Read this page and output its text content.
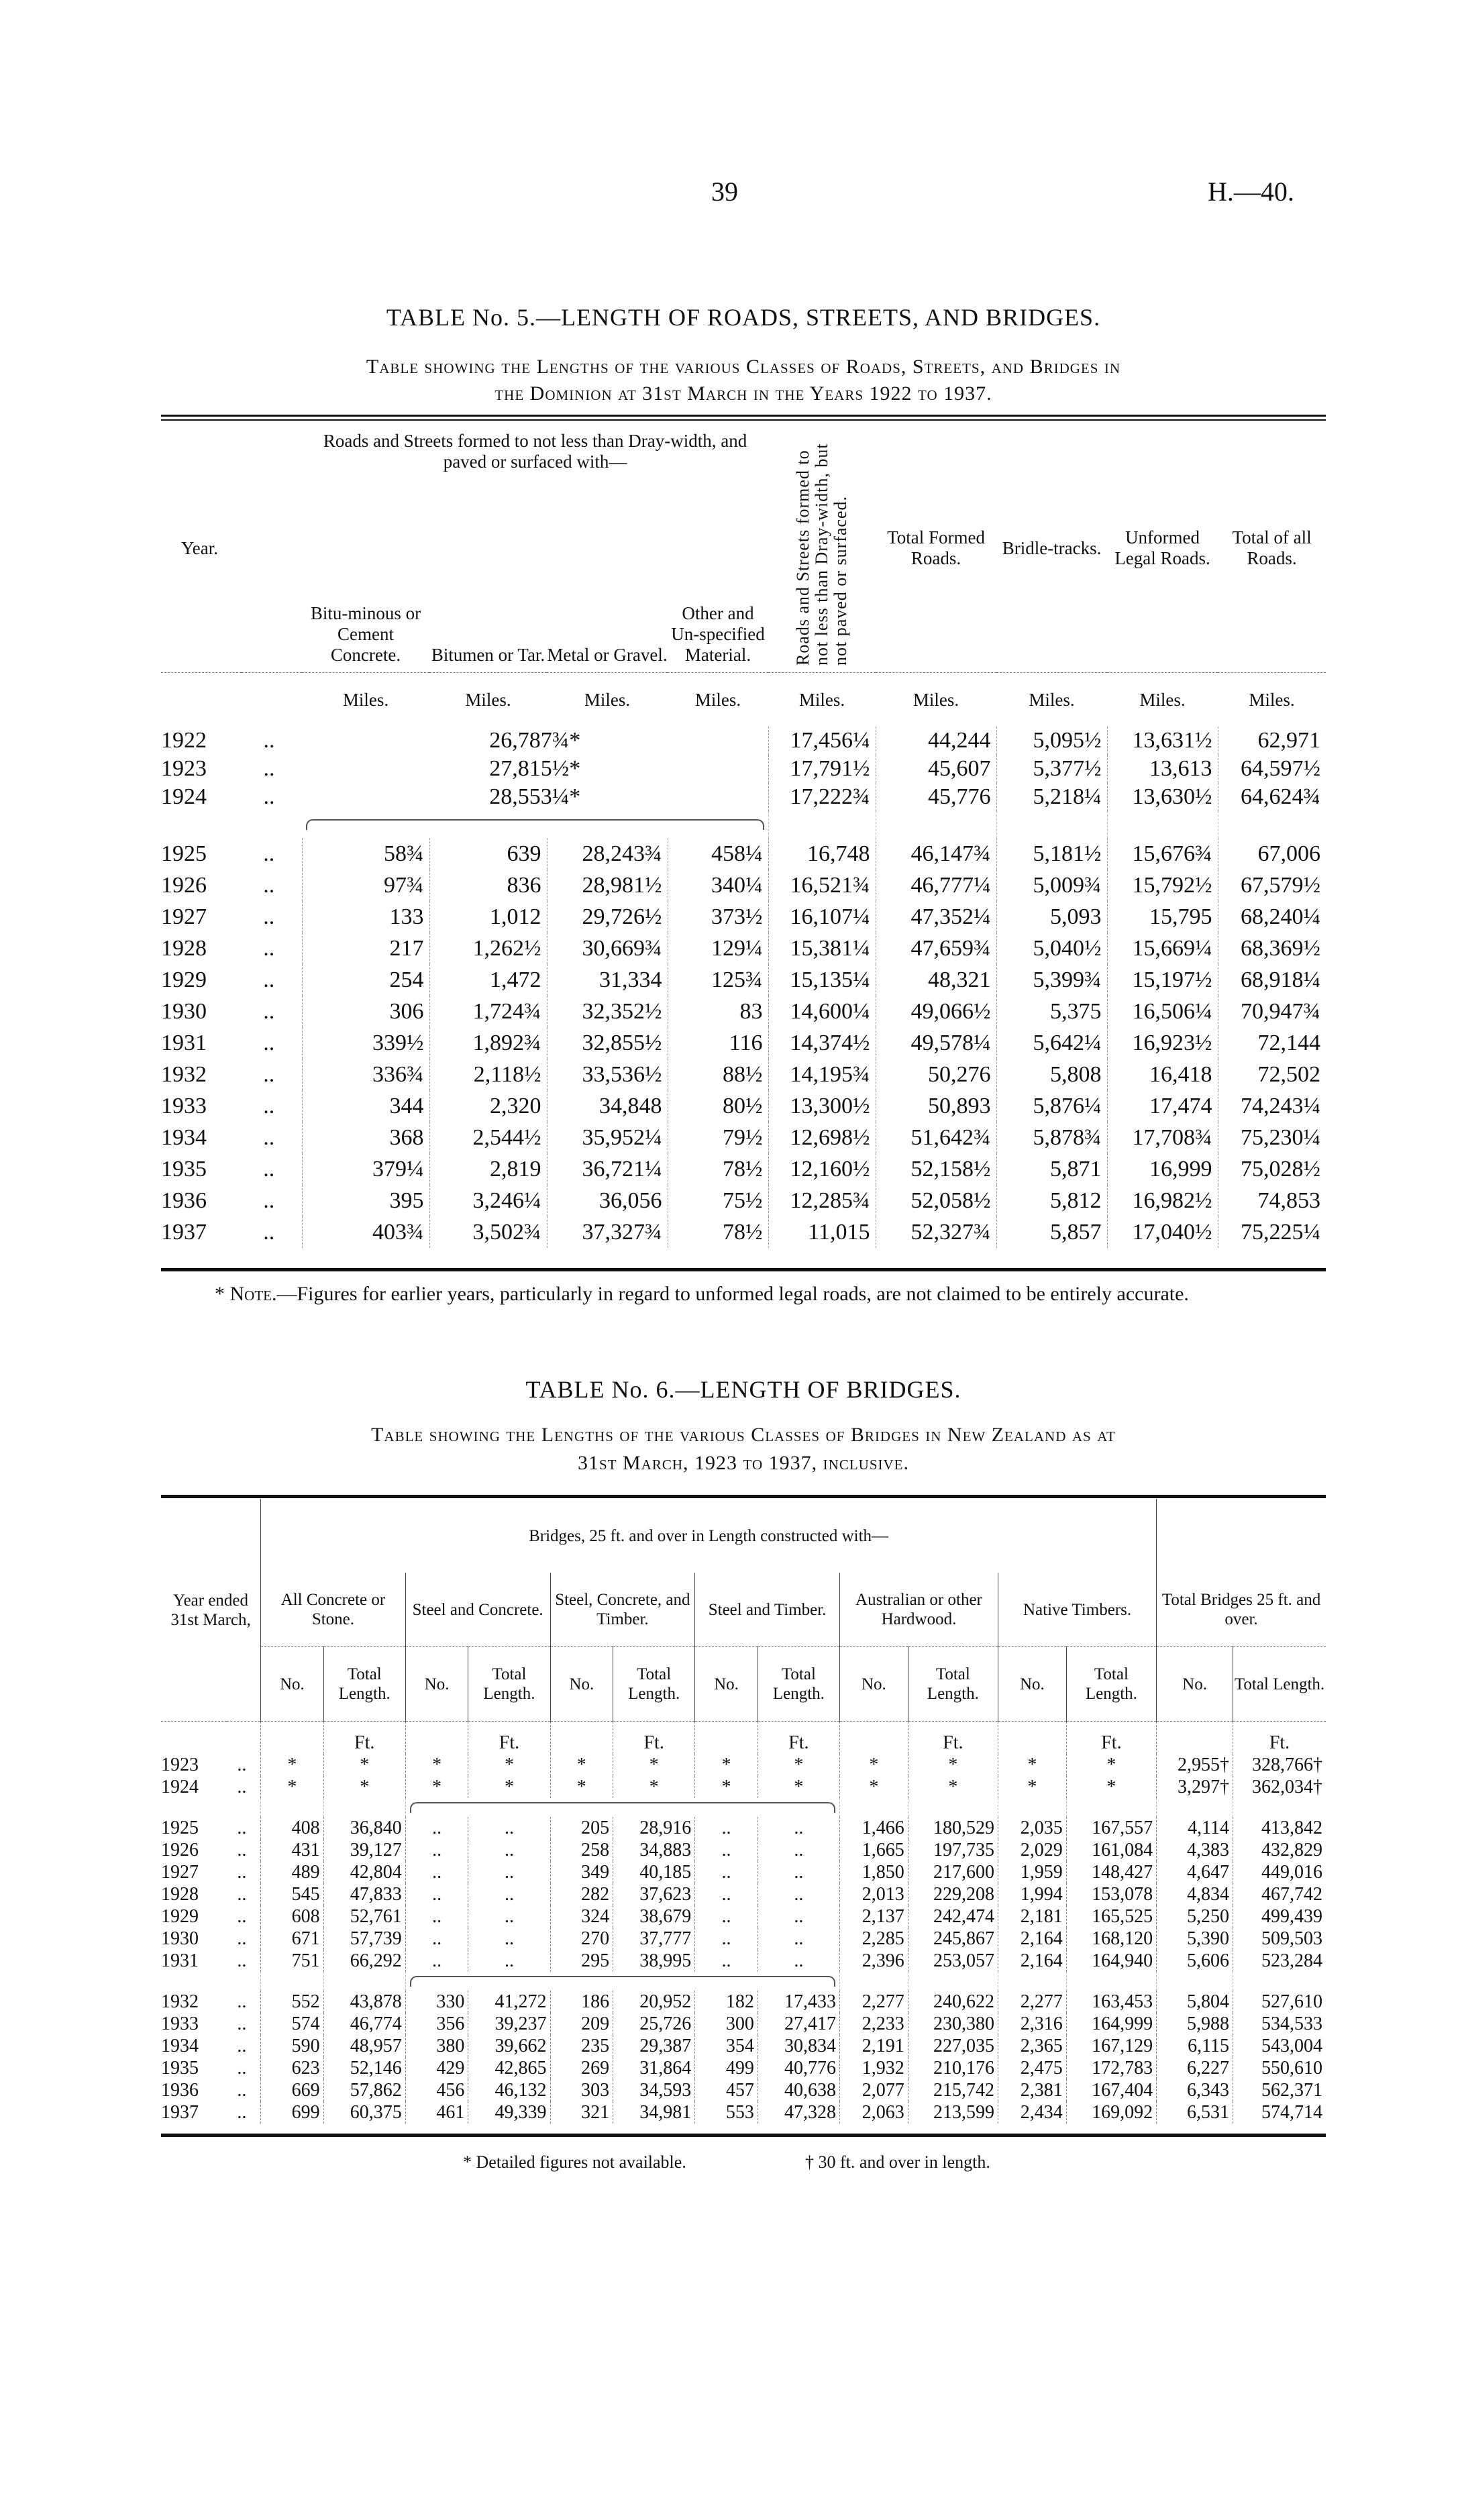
39	H.—40.
TABLE No. 5.—LENGTH OF ROADS, STREETS, AND BRIDGES.
Table showing the Lengths of the various Classes of Roads, Streets, and Bridges in
the Dominion at 31st March in the Years 1922 to 1937.
Year.		Roads and Streets formed to not less than Dray-width, and paved or surfaced with—				Roads and Streets formed to not less than Dray-width, but not paved or surfaced.	Total Formed Roads.	Bridle-tracks.	Unformed Legal Roads.	Total of all Roads.
		Bitu-minous or Cement Concrete.	Bitumen or Tar.	Metal or Gravel.	Other and Un-specified Material.					
		Miles.	Miles.	Miles.	Miles.	Miles.	Miles.	Miles.	Miles.	Miles.
1922	..	26,787¾*				17,456¼	44,244	5,095½	13,631½	62,971
1923	..	27,815½*				17,791½	45,607	5,377½	13,613	64,597½
1924	..	28,553¼*				17,222¾	45,776	5,218¼	13,630½	64,624¾

1925	..	58¾	639	28,243¾	458¼	16,748	46,147¾	5,181½	15,676¾	67,006
1926	..	97¾	836	28,981½	340¼	16,521¾	46,777¼	5,009¾	15,792½	67,579½
1927	..	133	1,012	29,726½	373½	16,107¼	47,352¼	5,093	15,795	68,240¼
1928	..	217	1,262½	30,669¾	129¼	15,381¼	47,659¾	5,040½	15,669¼	68,369½
1929	..	254	1,472	31,334	125¾	15,135¼	48,321	5,399¾	15,197½	68,918¼
1930	..	306	1,724¾	32,352½	83	14,600¼	49,066½	5,375	16,506¼	70,947¾
1931	..	339½	1,892¾	32,855½	116	14,374½	49,578¼	5,642¼	16,923½	72,144
1932	..	336¾	2,118½	33,536½	88½	14,195¾	50,276	5,808	16,418	72,502
1933	..	344	2,320	34,848	80½	13,300½	50,893	5,876¼	17,474	74,243¼
1934	..	368	2,544½	35,952¼	79½	12,698½	51,642¾	5,878¾	17,708¾	75,230¼
1935	..	379¼	2,819	36,721¼	78½	12,160½	52,158½	5,871	16,999	75,028½
1936	..	395	3,246¼	36,056	75½	12,285¾	52,058½	5,812	16,982½	74,853
1937	..	403¾	3,502¾	37,327¾	78½	11,015	52,327¾	5,857	17,040½	75,225¼
* Note.—Figures for earlier years, particularly in regard to unformed legal roads, are not claimed to be entirely accurate.
TABLE No. 6.—LENGTH OF BRIDGES.
Table showing the Lengths of the various Classes of Bridges in New Zealand as at
31st March, 1923 to 1937, inclusive.
Year ended 31st March,		Bridges, 25 ft. and over in Length constructed with—													
		All Concrete or Stone.		Steel and Concrete.		Steel, Concrete, and Timber.		Steel and Timber.		Australian or other Hardwood.		Native Timbers.		Total Bridges 25 ft. and over.	
		No.	Total Length.	No.	Total Length.	No.	Total Length.	No.	Total Length.	No.	Total Length.	No.	Total Length.	No.	Total Length.
			Ft.		Ft.		Ft.		Ft.		Ft.		Ft.		Ft.
1923	..	*	*	*	*	*	*	*	*	*	*	*	*	2,955†	328,766†
1924	..	*	*	*	*	*	*	*	*	*	*	*	*	3,297†	362,034†

1925	..	408	36,840	..	..	205	28,916	..	..	1,466	180,529	2,035	167,557	4,114	413,842
1926	..	431	39,127	..	..	258	34,883	..	..	1,665	197,735	2,029	161,084	4,383	432,829
1927	..	489	42,804	..	..	349	40,185	..	..	1,850	217,600	1,959	148,427	4,647	449,016
1928	..	545	47,833	..	..	282	37,623	..	..	2,013	229,208	1,994	153,078	4,834	467,742
1929	..	608	52,761	..	..	324	38,679	..	..	2,137	242,474	2,181	165,525	5,250	499,439
1930	..	671	57,739	..	..	270	37,777	..	..	2,285	245,867	2,164	168,120	5,390	509,503
1931	..	751	66,292	..	..	295	38,995	..	..	2,396	253,057	2,164	164,940	5,606	523,284

1932	..	552	43,878	330	41,272	186	20,952	182	17,433	2,277	240,622	2,277	163,453	5,804	527,610
1933	..	574	46,774	356	39,237	209	25,726	300	27,417	2,233	230,380	2,316	164,999	5,988	534,533
1934	..	590	48,957	380	39,662	235	29,387	354	30,834	2,191	227,035	2,365	167,129	6,115	543,004
1935	..	623	52,146	429	42,865	269	31,864	499	40,776	1,932	210,176	2,475	172,783	6,227	550,610
1936	..	669	57,862	456	46,132	303	34,593	457	40,638	2,077	215,742	2,381	167,404	6,343	562,371
1937	..	699	60,375	461	49,339	321	34,981	553	47,328	2,063	213,599	2,434	169,092	6,531	574,714
* Detailed figures not available.	† 30 ft. and over in length.
